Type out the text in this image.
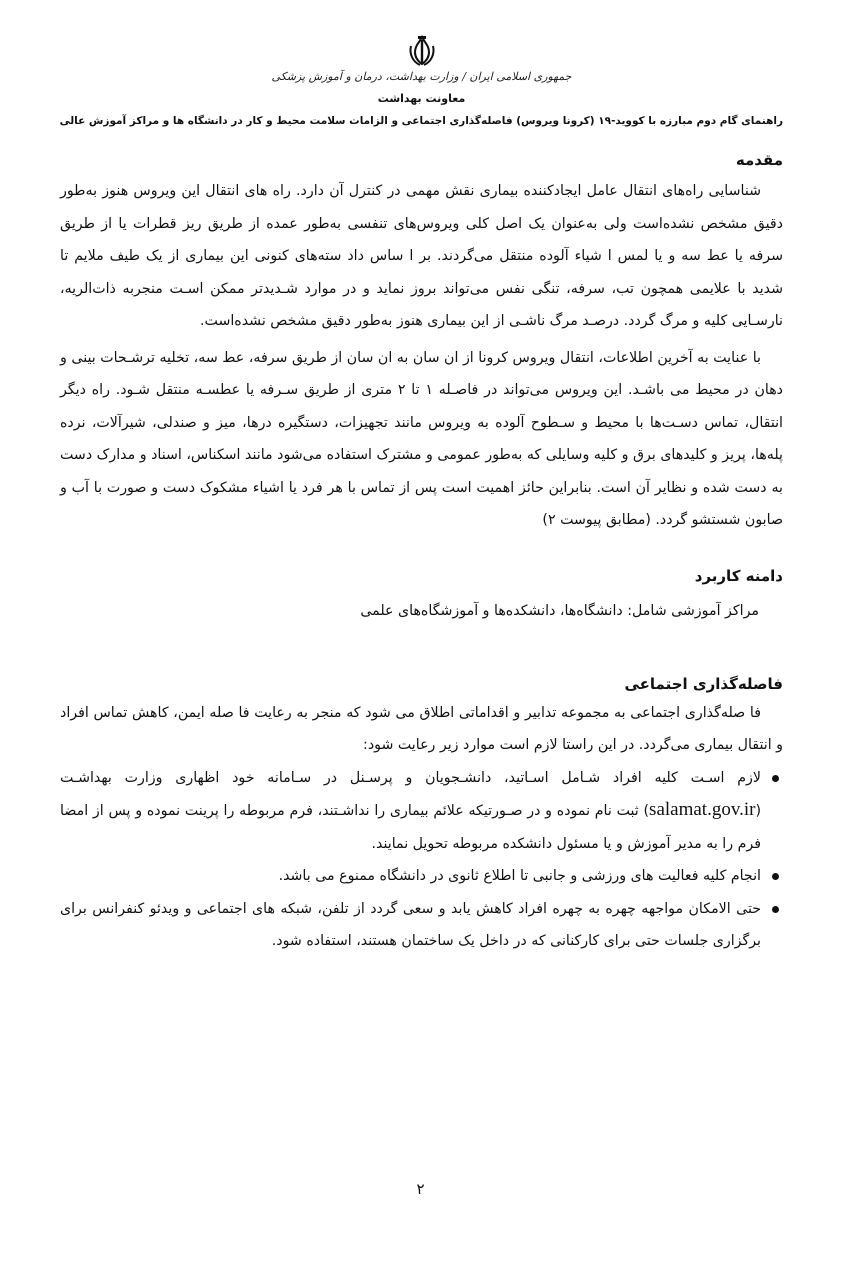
جمهوری اسلامی ایران / وزارت بهداشت، درمان و آموزش پزشکی
معاونت بهداشت
راهنمای گام دوم مبارزه با کووید-۱۹ (کرونا ویروس) فاصله‌گذاری اجتماعی و الزامات سلامت محیط و کار در دانشگاه ها و مراکز آموزش عالی
مقدمه

شناسایی راه‌های انتقال عامل ایجادکننده بیماری نقش مهمی در کنترل آن دارد. راه های انتقال این ویروس هنوز به‌طور دقیق مشخص نشده‌است ولی به‌عنوان یک اصل کلی ویروس‌های تنفسی به‌طور عمده از طریق ریز قطرات یا از طریق سرفه یا عط سه و یا لمس ا شیاء آلوده منتقل می‌گردند. بر ا ساس داد سته‌های کنونی این بیماری از یک طیف ملایم تا شدید با علایمی همچون تب، سرفه، تنگی نفس می‌تواند بروز نماید و در موارد شـدیدتر ممکن اسـت منجربه ذات‌الریه، نارسـایی کلیه و مرگ گردد. درصـد مرگ ناشـی از این بیماری هنوز به‌طور دقیق مشخص نشده‌است.

با عنایت به آخرین اطلاعات، انتقال ویروس کرونا از ان سان به ان سان از طریق سرفه، عط سه، تخلیه ترشـحات بینی و دهان در محیط می باشـد. این ویروس می‌تواند در فاصـله ۱ تا ۲ متری از طریق سـرفه یا عطسـه منتقل شـود. راه دیگر انتقال، تماس دسـت‌ها با محیط و سـطوح آلوده به ویروس مانند تجهیزات، دستگیره درها، میز و صندلی، شیرآلات، نرده پله‌ها، پریز و کلیدهای برق و کلیه وسایلی که به‌طور عمومی و مشترک استفاده می‌شود مانند اسکناس، اسناد و مدارک دست به دست شده و نظایر آن است. بنابراین حائز اهمیت است پس از تماس با هر فرد یا اشیاء مشکوک دست و صورت با آب و صابون شستشو گردد. (مطابق پیوست ۲)

دامنه کاربرد
مراکز آموزشی شامل: دانشگاه‌ها، دانشکده‌ها و آموزشگاه‌های علمی
فاصله‌گذاری اجتماعی

فا صله‌گذاری اجتماعی به مجموعه تدابیر و اقداماتی اطلاق می شود که منجر به رعایت فا صله ایمن، کاهش تماس افراد و انتقال بیماری می‌گردد. در این راستا لازم است موارد زیر رعایت شود:

لازم اسـت کلیه افراد شـامل اسـاتید، دانشـجویان و پرسـنل در سـامانه خود اظهاری وزارت بهداشـت (salamat.gov.ir) ثبت نام نموده و در صـورتیکه علائم بیماری را نداشـتند، فرم مربوطه را پرینت نموده و پس از امضا فرم را به مدیر آموزش و یا مسئول دانشکده مربوطه تحویل نمایند.
انجام کلیه فعالیت های ورزشی و جانبی تا اطلاع ثانوی در دانشگاه ممنوع می باشد.
حتی الامکان مواجهه چهره به چهره افراد کاهش یابد و سعی گردد از تلفن، شبکه های اجتماعی و ویدئو کنفرانس برای برگزاری جلسات حتی برای کارکنانی که در داخل یک ساختمان هستند، استفاده شود.
۲
